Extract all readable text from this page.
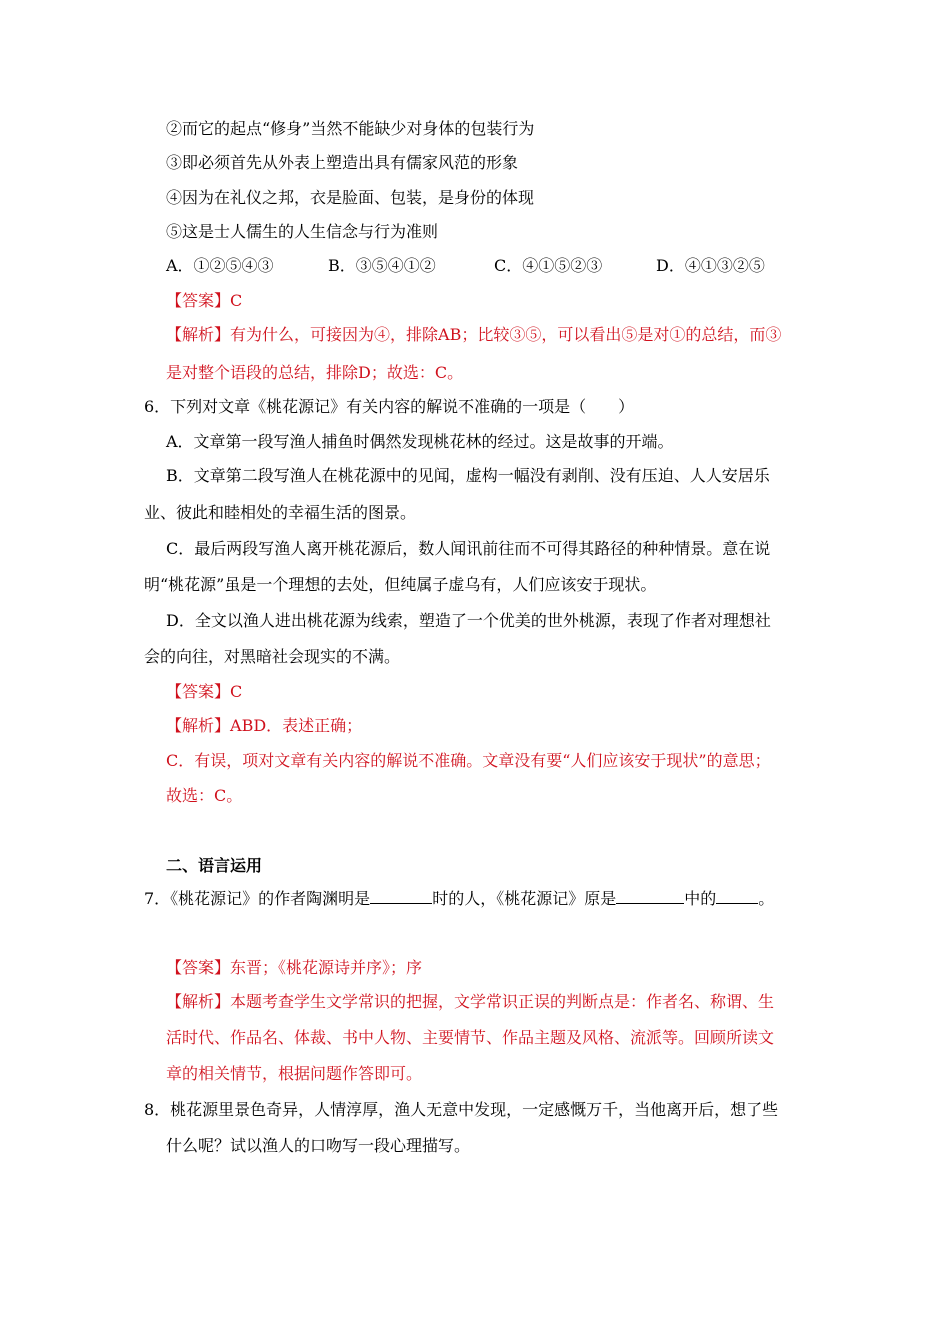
②而它的起点“修身”当然不能缺少对身体的包装行为
③即必须首先从外表上塑造出具有儒家风范的形象
④因为在礼仪之邦，衣是脸面、包装，是身份的体现
⑤这是士人儒生的人生信念与行为准则
A．①②⑤④③	B．③⑤④①②	C．④①⑤②③	D．④①③②⑤
【答案】C
【解析】有为什么，可接因为④，排除AB；比较③⑤，可以看出⑤是对①的总结，而③
是对整个语段的总结，排除D；故选：C。
6．下列对文章《桃花源记》有关内容的解说不准确的一项是（　　）
A．文章第一段写渔人捕鱼时偶然发现桃花林的经过。这是故事的开端。
B．文章第二段写渔人在桃花源中的见闻，虚构一幅没有剥削、没有压迫、人人安居乐
业、彼此和睦相处的幸福生活的图景。
C．最后两段写渔人离开桃花源后，数人闻讯前往而不可得其路径的种种情景。意在说
明“桃花源”虽是一个理想的去处，但纯属子虚乌有，人们应该安于现状。
D．全文以渔人进出桃花源为线索，塑造了一个优美的世外桃源，表现了作者对理想社
会的向往，对黑暗社会现实的不满。
【答案】C
【解析】ABD．表述正确；
C．有误，项对文章有关内容的解说不准确。文章没有要“人们应该安于现状”的意思；
故选：C。
二、语言运用
7．《桃花源记》的作者陶渊明是	时的人，《桃花源记》原是	中的	。
【答案】东晋；《桃花源诗并序》；序
【解析】本题考查学生文学常识的把握，文学常识正误的判断点是：作者名、称谓、生
活时代、作品名、体裁、书中人物、主要情节、作品主题及风格、流派等。回顾所读文
章的相关情节，根据问题作答即可。
8．桃花源里景色奇异，人情淳厚，渔人无意中发现，一定感慨万千，当他离开后，想了些
什么呢？试以渔人的口吻写一段心理描写。
